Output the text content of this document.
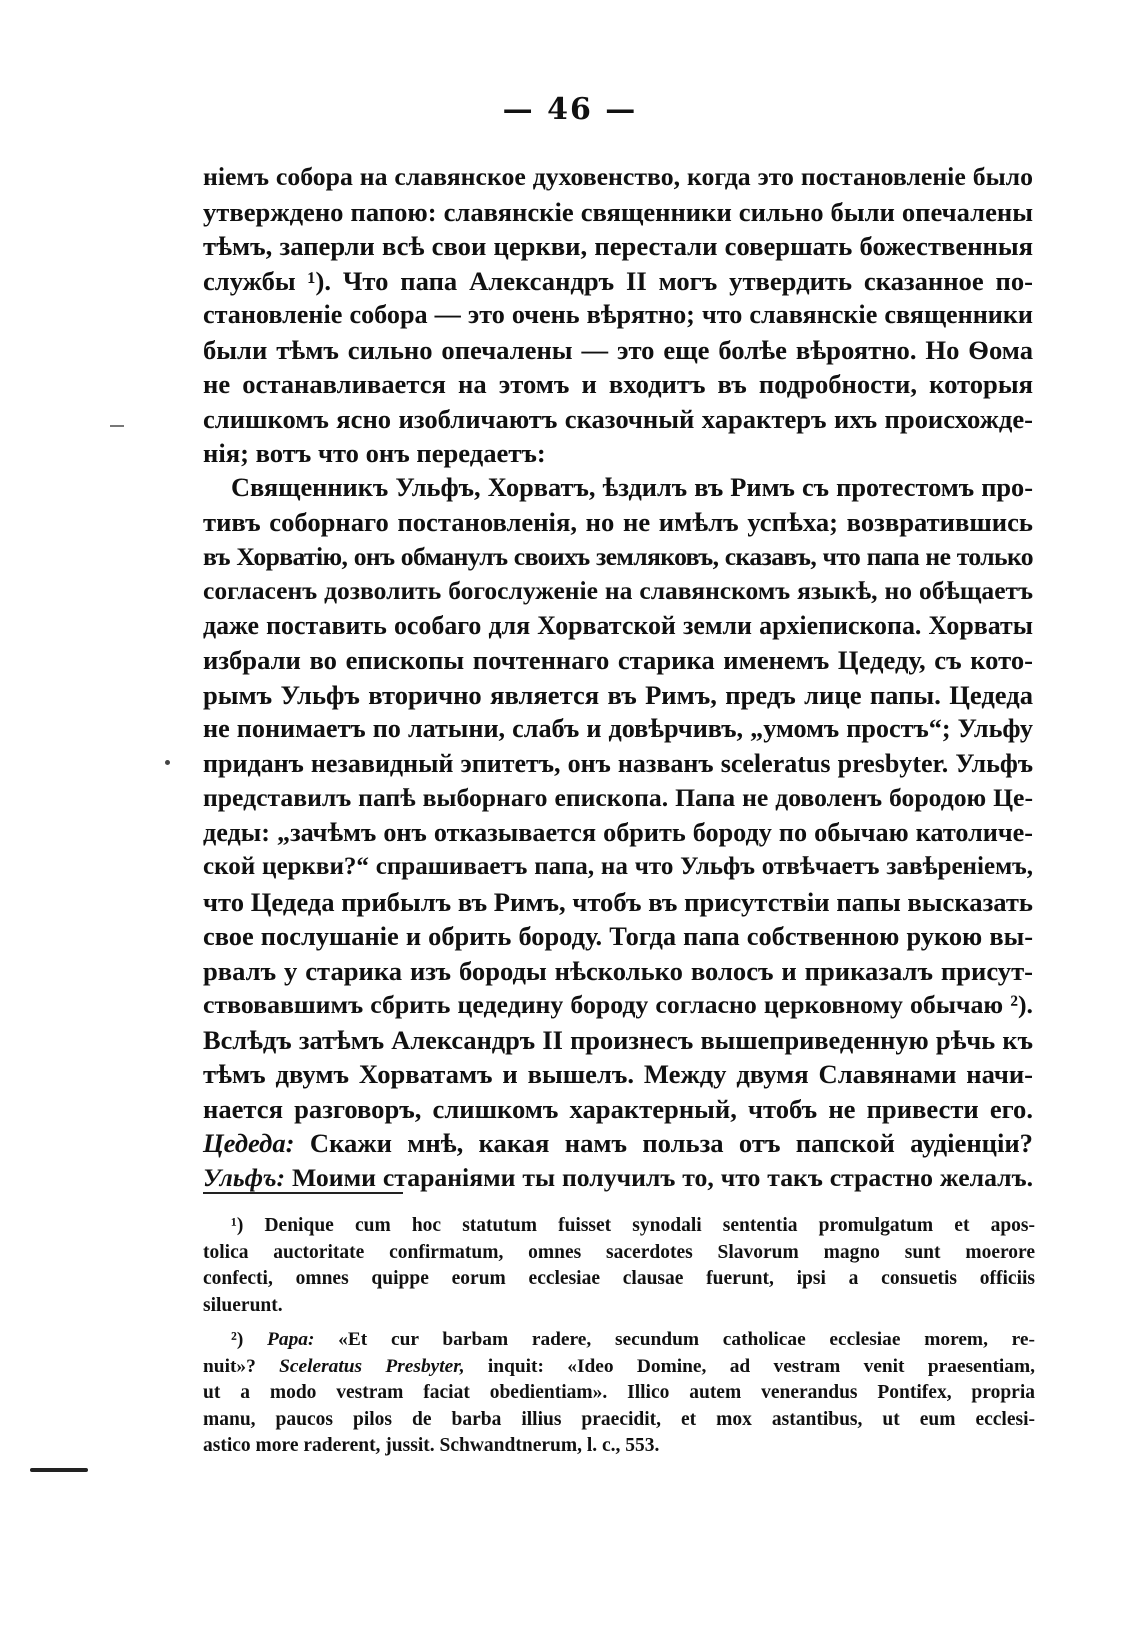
— 46 —
ніемъ собора на славянское духовенство, когда это постановленіе было
утверждено папою: славянскіе священники сильно были опечалены
тѣмъ, заперли всѣ свои церкви, перестали совершать божественныя
службы ¹). Что папа Александръ II могъ утвердить сказанное по-
становленіе собора — это очень вѣрятно; что славянскіе священники
были тѣмъ сильно опечалены — это еще болѣе вѣроятно. Но Ѳома
не останавливается на этомъ и входитъ въ подробности, которыя
слишкомъ ясно изобличаютъ сказочный характеръ ихъ происхожде-
нія; вотъ что онъ передаетъ:
Священникъ Ульфъ, Хорватъ, ѣздилъ въ Римъ съ протестомъ про-
тивъ соборнаго постановленія, но не имѣлъ успѣха; возвратившись
въ Хорватію, онъ обманулъ своихъ земляковъ, сказавъ, что папа не только
согласенъ дозволить богослуженіе на славянскомъ языкѣ, но обѣщаетъ
даже поставить особаго для Хорватской земли архіепископа. Хорваты
избрали во епископы почтеннаго старика именемъ Цедеду, съ кото-
рымъ Ульфъ вторично является въ Римъ, предъ лице папы. Цедеда
не понимаетъ по латыни, слабъ и довѣрчивъ, „умомъ простъ“; Ульфу
приданъ незавидный эпитетъ, онъ названъ sceleratus presbyter. Ульфъ
представилъ папѣ выборнаго епископа. Папа не доволенъ бородою Це-
деды: „зачѣмъ онъ отказывается обрить бороду по обычаю католиче-
ской церкви?“ спрашиваетъ папа, на что Ульфъ отвѣчаетъ завѣреніемъ,
что Цедеда прибылъ въ Римъ, чтобъ въ присутствіи папы высказать
свое послушаніе и обрить бороду. Тогда папа собственною рукою вы-
рвалъ у старика изъ бороды нѣсколько волосъ и приказалъ присут-
ствовавшимъ сбрить цедедину бороду согласно церковному обычаю ²).
Вслѣдъ затѣмъ Александръ II произнесъ вышеприведенную рѣчь къ
тѣмъ двумъ Хорватамъ и вышелъ. Между двумя Славянами начи-
нается разговоръ, слишкомъ характерный, чтобъ не привести его.
Цедеда: Скажи мнѣ, какая намъ польза отъ папской аудіенціи?
Ульфъ: Моими стараніями ты получилъ то, что такъ страстно желалъ.
¹) Denique cum hoc statutum fuisset synodali sententia promulgatum et apos-
tolica auctoritate confirmatum, omnes sacerdotes Slavorum magno sunt moerore
confecti, omnes quippe eorum ecclesiae clausae fuerunt, ipsi a consuetis officiis
siluerunt.
²) Papa: «Et cur barbam radere, secundum catholicae ecclesiae morem, re-
nuit»? Sceleratus Presbyter, inquit: «Ideo Domine, ad vestram venit praesentiam,
ut a modo vestram faciat obedientiam». Illico autem venerandus Pontifex, propria
manu, paucos pilos de barba illius praecidit, et mox astantibus, ut eum ecclesi-
astico more raderent, jussit. Schwandtnerum, l. c., 553.
